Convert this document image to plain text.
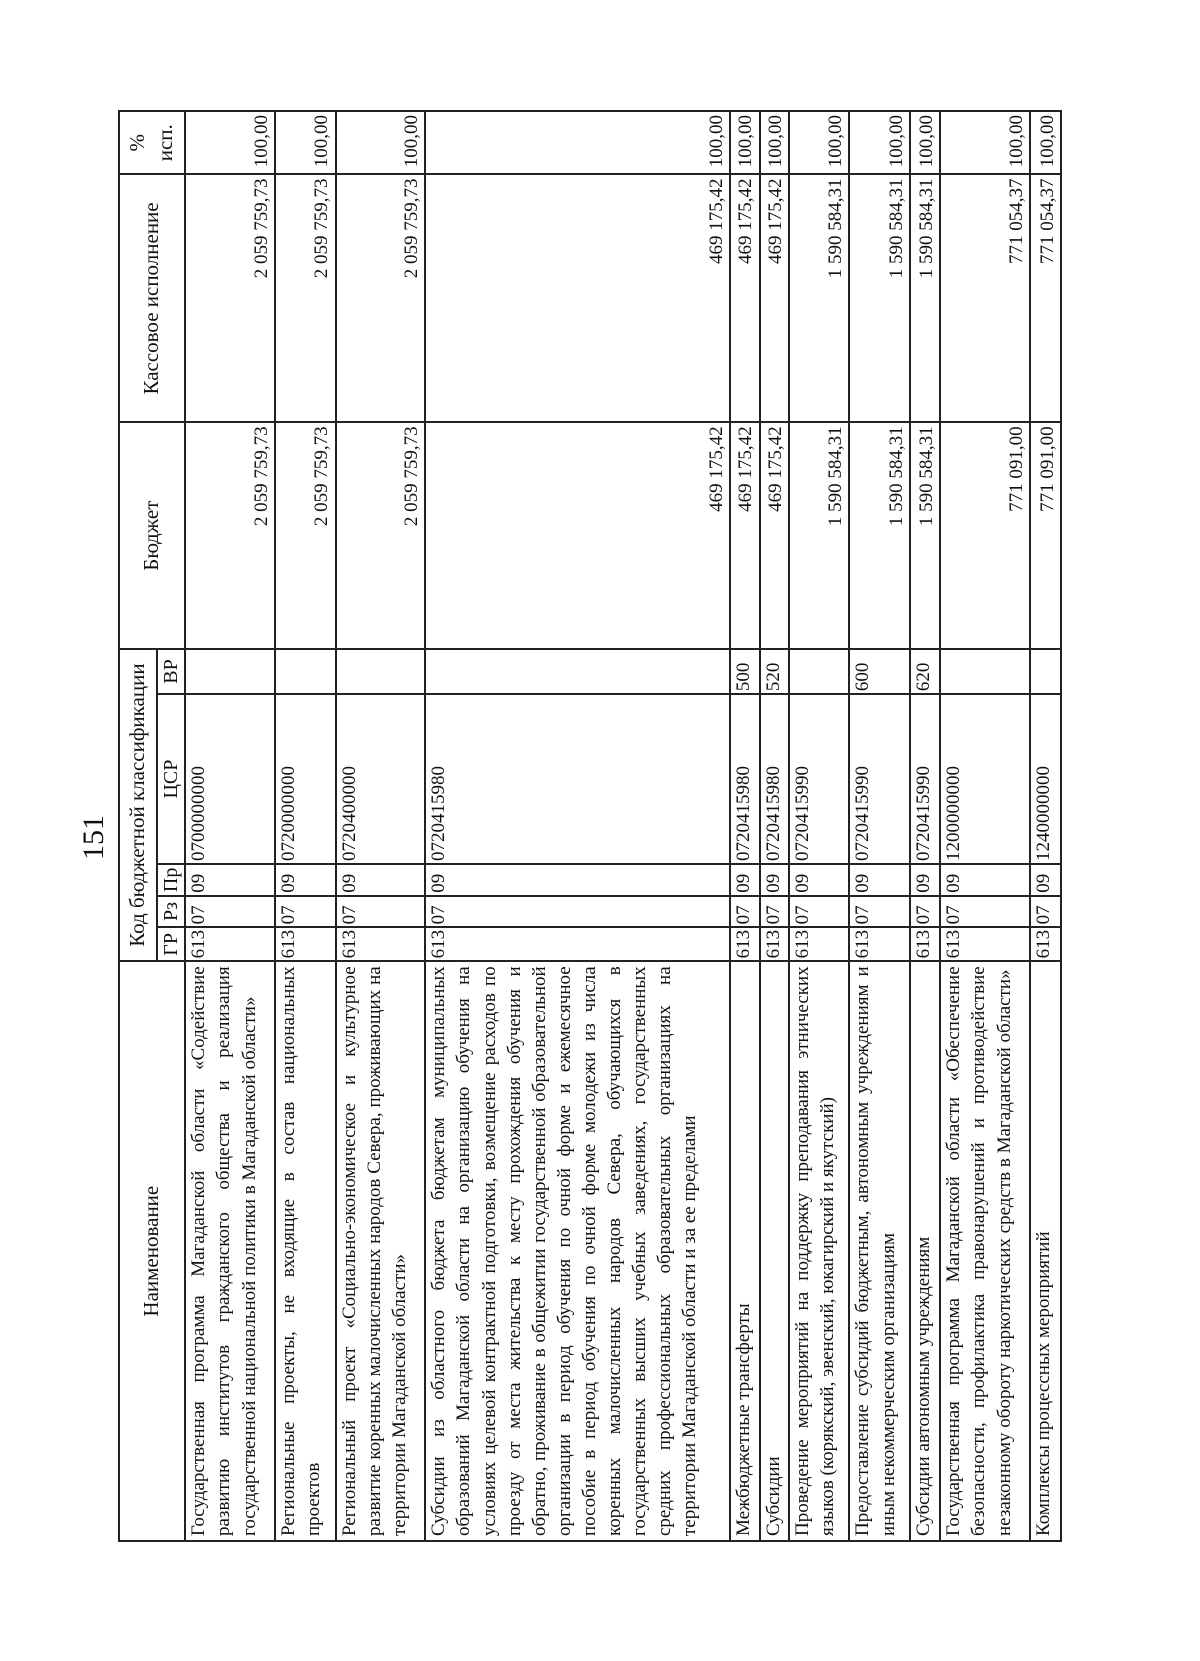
151
Наименование	Код бюджетной классификации					Бюджет	Кассовое исполнение	% исп.
	ГР	Рз	Пр	ЦСР	ВР			
Государственная программа Магаданской области «Содействие развитию институтов гражданского общества и реализация государственной национальной политики в Магаданской области»	613	07	09	0700000000		2 059 759,73	2 059 759,73	100,00
Региональные проекты, не входящие в состав национальных проектов	613	07	09	0720000000		2 059 759,73	2 059 759,73	100,00
Региональный проект «Социально-экономическое и культурное развитие коренных малочисленных народов Севера, проживающих на территории Магаданской области»	613	07	09	0720400000		2 059 759,73	2 059 759,73	100,00
Субсидии из областного бюджета бюджетам муниципальных образований Магаданской области на организацию обучения на условиях целевой контрактной подготовки, возмещение расходов по проезду от места жительства к месту прохождения обучения и обратно, проживание в общежитии государственной образовательной организации в период обучения по очной форме и ежемесячное пособие в период обучения по очной форме молодежи из числа коренных малочисленных народов Севера, обучающихся в государственных высших учебных заведениях, государственных средних профессиональных образовательных организациях на территории Магаданской области и за ее пределами	613	07	09	0720415980		469 175,42	469 175,42	100,00
Межбюджетные трансферты	613	07	09	0720415980	500	469 175,42	469 175,42	100,00
Субсидии	613	07	09	0720415980	520	469 175,42	469 175,42	100,00
Проведение мероприятий на поддержку преподавания этнических языков (корякский, эвенский, юкагирский и якутский)	613	07	09	0720415990		1 590 584,31	1 590 584,31	100,00
Предоставление субсидий бюджетным, автономным учреждениям и иным некоммерческим организациям	613	07	09	0720415990	600	1 590 584,31	1 590 584,31	100,00
Субсидии автономным учреждениям	613	07	09	0720415990	620	1 590 584,31	1 590 584,31	100,00
Государственная программа Магаданской области «Обеспечение безопасности, профилактика правонарушений и противодействие незаконному обороту наркотических средств в Магаданской области»	613	07	09	1200000000		771 091,00	771 054,37	100,00
Комплексы процессных мероприятий	613	07	09	1240000000		771 091,00	771 054,37	100,00
